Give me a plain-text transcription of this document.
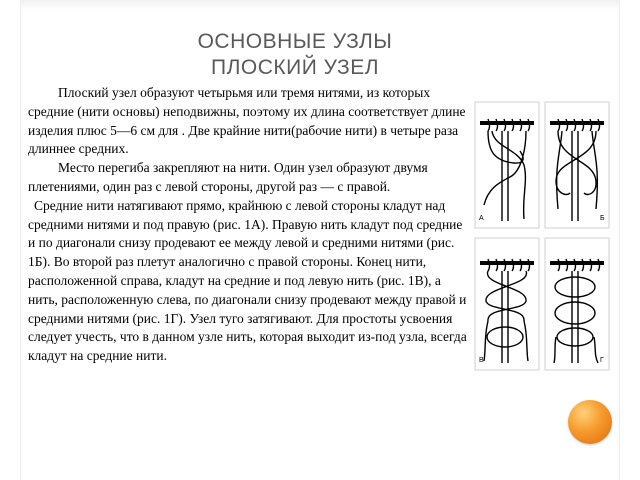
ОСНОВНЫЕ УЗЛЫ
ПЛОСКИЙ УЗЕЛ

Плоский узел образуют четырьмя или тремя нитями, из которых средние (нити основы) неподвижны, поэтому их длина соответствует длине изделия плюс 5—6 см для . Две крайние нити(рабочие нити) в четыре раза длиннее средних.

Место перегиба закрепляют на нити. Один узел образуют двумя плетениями, один раз с левой стороны, другой раз — с правой.

Средние нити натягивают прямо, крайнюю с левой стороны кладут над средними нитями и под правую (рис. 1А). Правую нить кладут под средние и по диагонали снизу продевают ее между левой и средними нитями (рис. 1Б). Во второй раз плетут аналогично с правой стороны. Конец нити, расположенной справа, кладут на средние и под левую нить (рис. 1В), а нить, расположенную слева, по диагонали снизу продевают между правой и средними нитями (рис. 1Г). Узел туго затягивают. Для простоты усвоения следует учесть, что в данном узле нить, которая выходит из-под узла, всегда кладут на средние нити.

А	Б
В	Г
